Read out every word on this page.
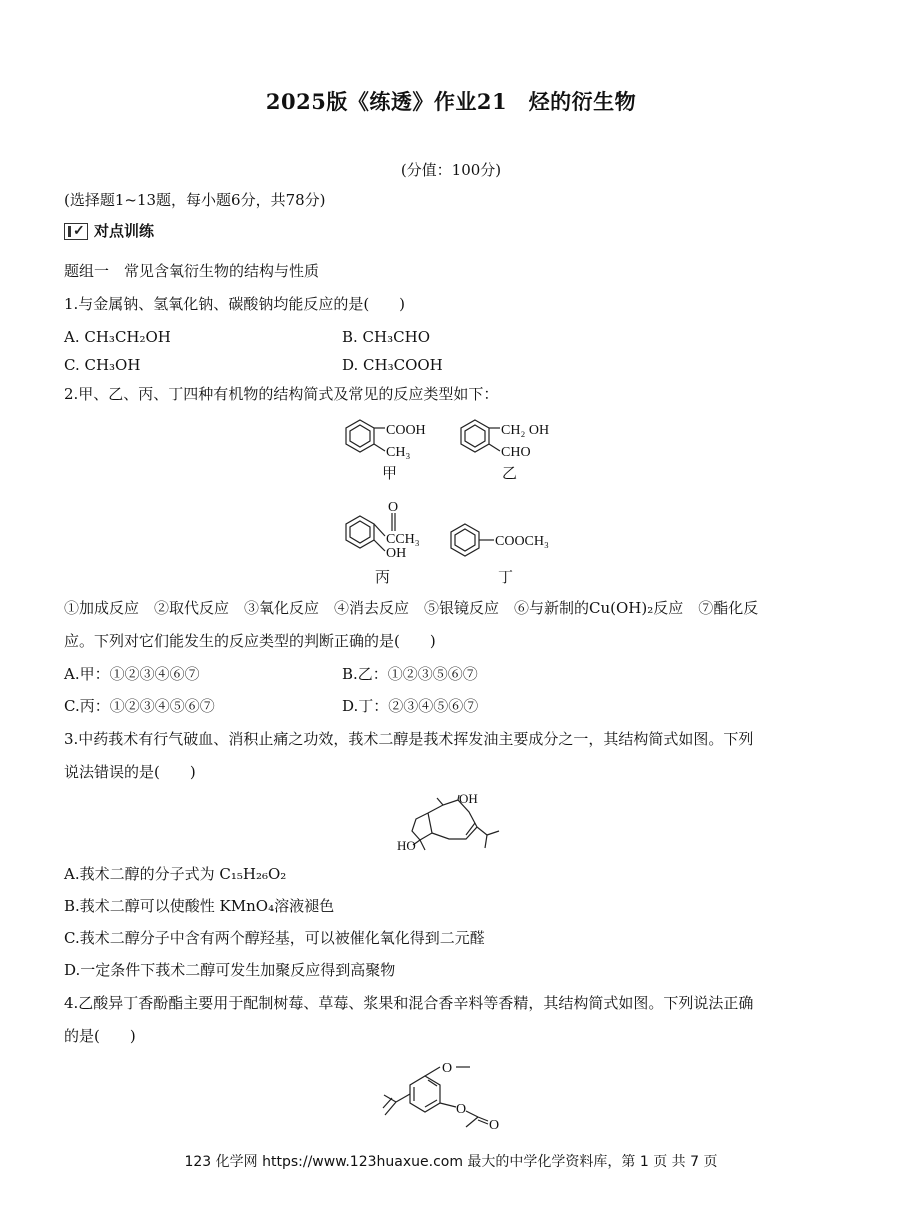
2025版《练透》作业21　烃的衍生物
(分值：100分)
(选择题1~13题，每小题6分，共78分)
✓
对点训练
题组一　常见含氧衍生物的结构与性质
1.与金属钠、氢氧化钠、碳酸钠均能反应的是(　　)
A. CH₃CH₂OH	B. CH₃CHO
C. CH₃OH	D. CH₃COOH
2.甲、乙、丙、丁四种有机物的结构简式及常见的反应类型如下：
COOH
CH₃
CH₂ OH
CHO
O
CCH₃
OH
COOCH₃
甲	乙
丙	丁
①加成反应　②取代反应　③氧化反应　④消去反应　⑤银镜反应　⑥与新制的Cu(OH)₂反应　⑦酯化反
应。下列对它们能发生的反应类型的判断正确的是(　　)
A.甲：①②③④⑥⑦	B.乙：①②③⑤⑥⑦
C.丙：①②③④⑤⑥⑦	D.丁：②③④⑤⑥⑦
3.中药莪术有行气破血、消积止痛之功效，莪术二醇是莪术挥发油主要成分之一，其结构简式如图。下列
说法错误的是(　　)
OH
HO
A.莪术二醇的分子式为 C₁₅H₂₆O₂
B.莪术二醇可以使酸性 KMnO₄溶液褪色
C.莪术二醇分子中含有两个醇羟基，可以被催化氧化得到二元醛
D.一定条件下莪术二醇可发生加聚反应得到高聚物
4.乙酸异丁香酚酯主要用于配制树莓、草莓、浆果和混合香辛料等香精，其结构简式如图。下列说法正确
的是(　　)
O
O
O
123 化学网 https://www.123huaxue.com 最大的中学化学资料库，第 1 页 共 7 页
